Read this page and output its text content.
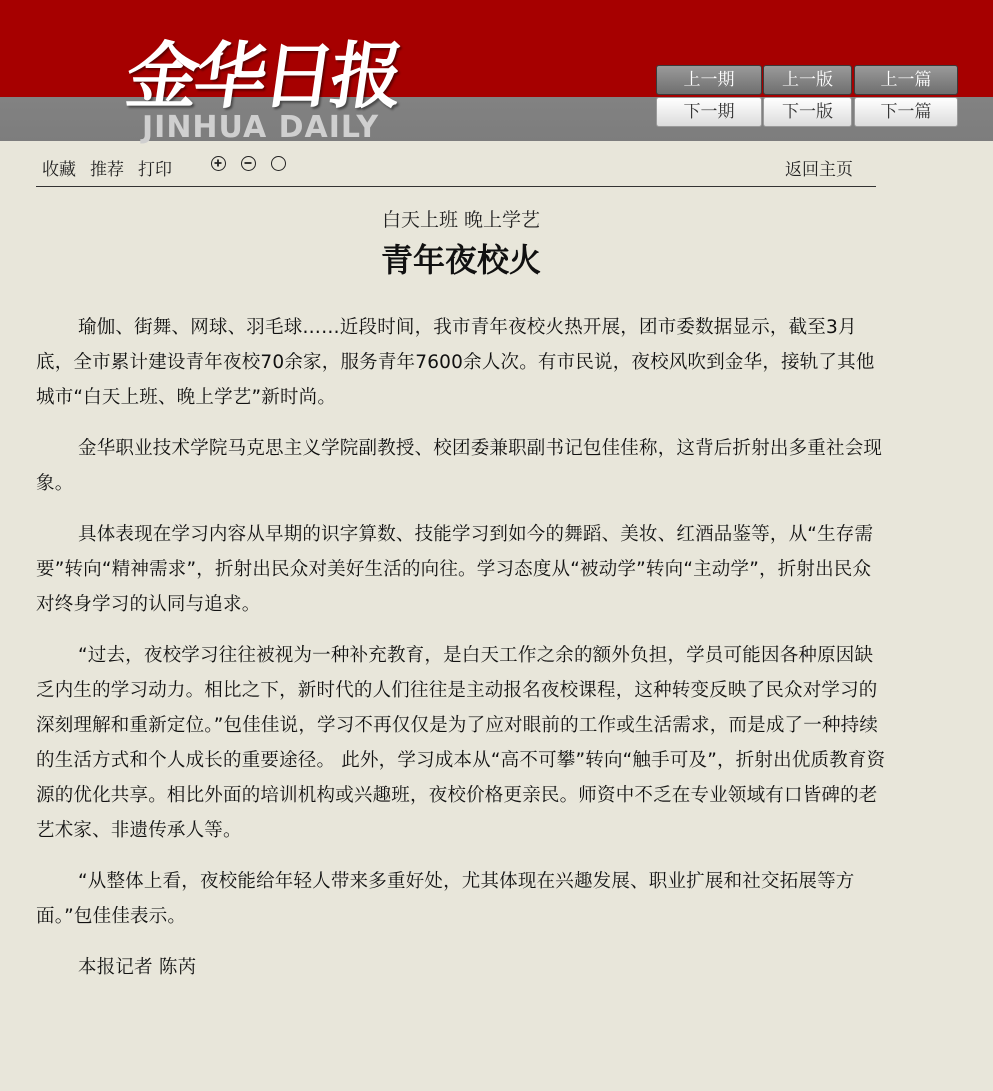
金华日报
JINHUA DAILY
上一期	上一版	上一篇
下一期	下一版	下一篇
收藏 推荐 打印	返回主页

白天上班 晚上学艺

青年夜校火

瑜伽、街舞、网球、羽毛球……近段时间，我市青年夜校火热开展，团市委数据显示，截至3月底，全市累计建设青年夜校70余家，服务青年7600余人次。有市民说，夜校风吹到金华，接轨了其他城市“白天上班、晚上学艺”新时尚。

金华职业技术学院马克思主义学院副教授、校团委兼职副书记包佳佳称，这背后折射出多重社会现象。

具体表现在学习内容从早期的识字算数、技能学习到如今的舞蹈、美妆、红酒品鉴等，从“生存需要”转向“精神需求”，折射出民众对美好生活的向往。学习态度从“被动学”转向“主动学”，折射出民众对终身学习的认同与追求。

“过去，夜校学习往往被视为一种补充教育，是白天工作之余的额外负担，学员可能因各种原因缺乏内生的学习动力。相比之下，新时代的人们往往是主动报名夜校课程，这种转变反映了民众对学习的深刻理解和重新定位。”包佳佳说，学习不再仅仅是为了应对眼前的工作或生活需求，而是成了一种持续的生活方式和个人成长的重要途径。 此外，学习成本从“高不可攀”转向“触手可及”，折射出优质教育资源的优化共享。相比外面的培训机构或兴趣班，夜校价格更亲民。师资中不乏在专业领域有口皆碑的老艺术家、非遗传承人等。

“从整体上看，夜校能给年轻人带来多重好处，尤其体现在兴趣发展、职业扩展和社交拓展等方面。”包佳佳表示。

本报记者 陈芮
